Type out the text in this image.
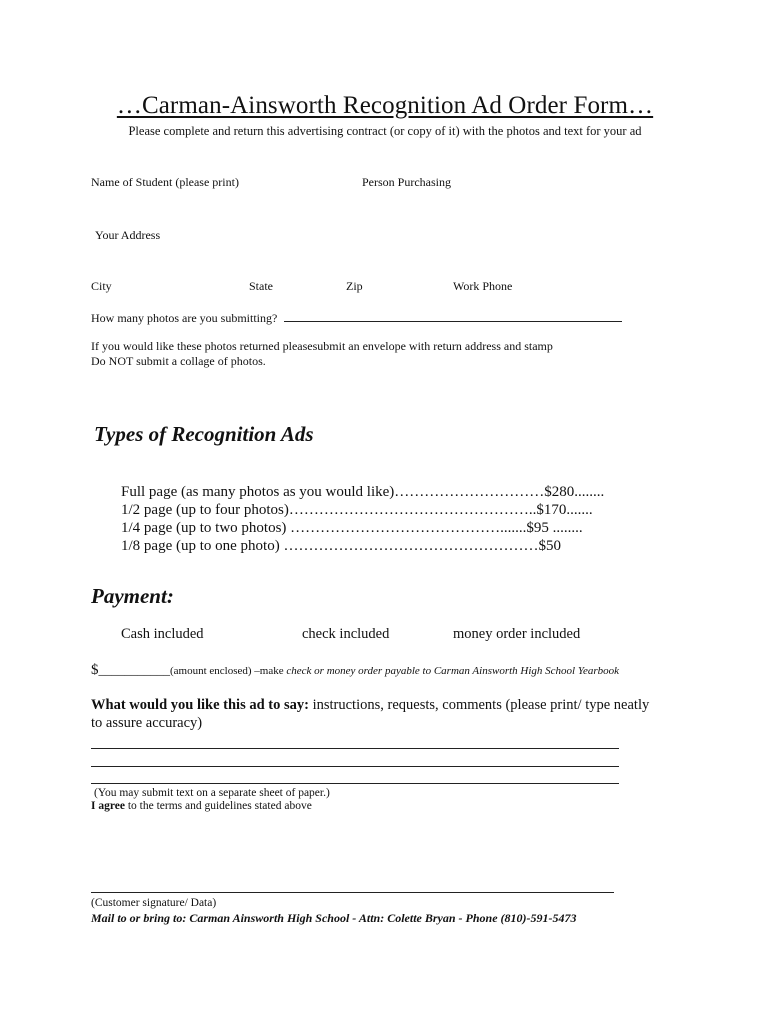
…Carman-Ainsworth Recognition Ad Order Form…
Please complete and return this advertising contract (or copy of it) with the photos and text for your ad
Name of Student (please print)	Person Purchasing
Your Address
City	State	Zip	Work Phone
How many photos are you submitting?
If you would like these photos returned pleasesubmit an envelope with return address and stamp
Do NOT submit a collage of photos.
Types of Recognition Ads
Full page (as many photos as you would like)…………………………$280........
1/2 page (up to four photos)…………………………………………..$170.......
1/4 page (up to two photos) …………………………………….......$95 ........
1/8 page (up to one photo) ……………………………………………$50
Payment:
Cash included	check included	money order included
$___________(amount enclosed) –make check or money order payable to Carman Ainsworth High School Yearbook
What would you like this ad to say: instructions, requests, comments (please print/ type neatly
to assure accuracy)
(You may submit text on a separate sheet of paper.)
I agree to the terms and guidelines stated above
(Customer signature/ Data)
Mail to or bring to: Carman Ainsworth High School - Attn: Colette Bryan - Phone (810)-591-5473
